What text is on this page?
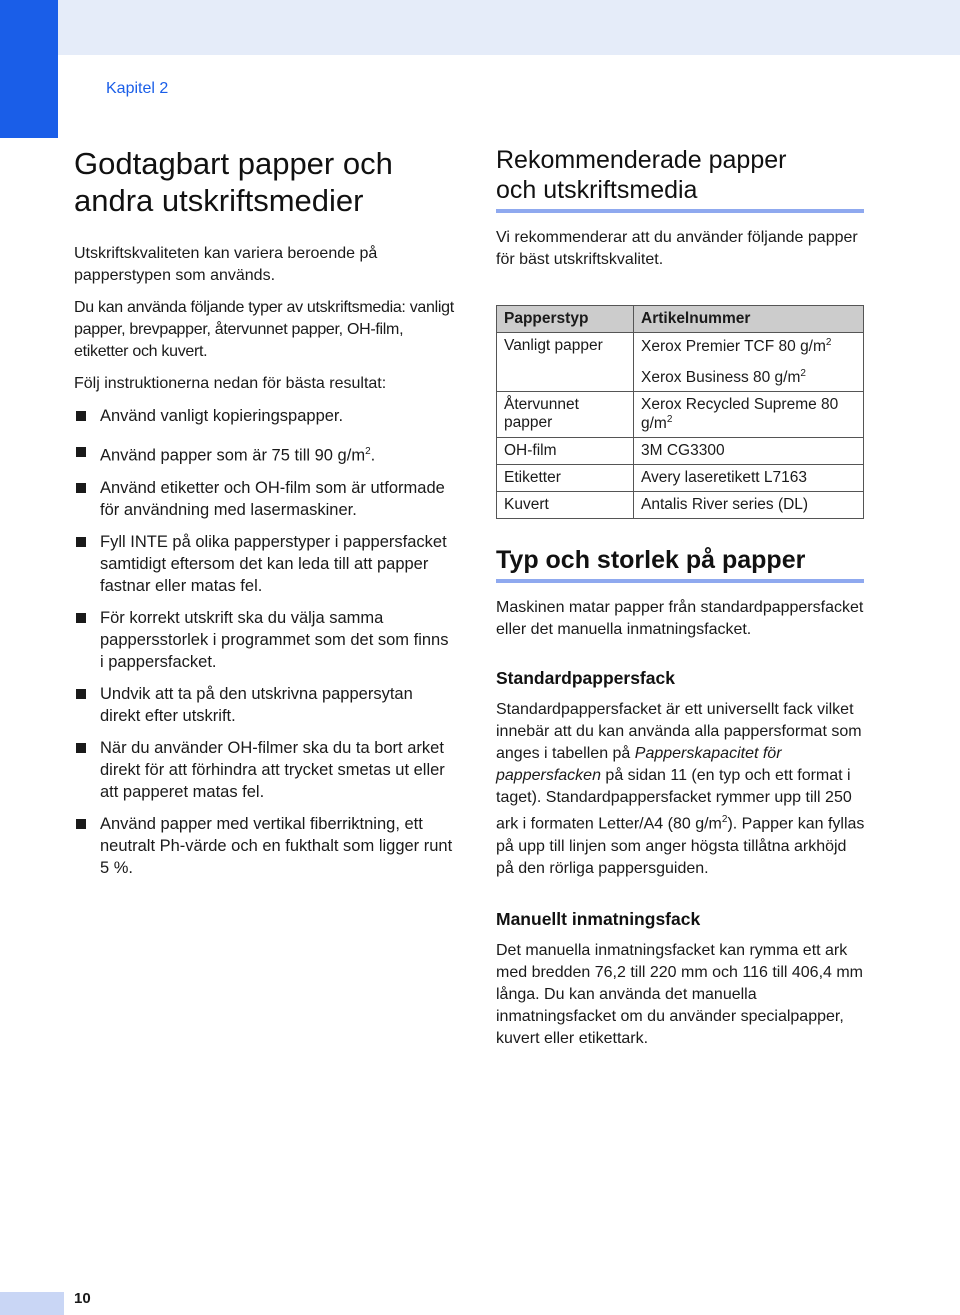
Kapitel 2
Godtagbart papper och
andra utskriftsmedier

Utskriftskvaliteten kan variera beroende på papperstypen som används.

Du kan använda följande typer av utskriftsmedia: vanligt papper, brevpapper, återvunnet papper, OH-film, etiketter och kuvert.

Följ instruktionerna nedan för bästa resultat:

Använd vanligt kopieringspapper.
Använd papper som är 75 till 90 $g/m^2$.
Använd etiketter och OH-film som är utformade för användning med lasermaskiner.
Fyll INTE på olika papperstyper i pappersfacket samtidigt eftersom det kan leda till att papper fastnar eller matas fel.
För korrekt utskrift ska du välja samma pappersstorlek i programmet som det som finns i pappersfacket.
Undvik att ta på den utskrivna pappersytan direkt efter utskrift.
När du använder OH-filmer ska du ta bort arket direkt för att förhindra att trycket smetas ut eller att papperet matas fel.
Använd papper med vertikal fiberriktning, ett neutralt Ph-värde och en fukthalt som ligger runt 5 %.
Rekommenderade papper
och utskriftsmedia

Vi rekommenderar att du använder följande papper för bäst utskriftskvalitet.

Papperstyp	Artikelnummer
Vanligt papper	Xerox Premier TCF 80 $g/m^2$
	Xerox Business 80 $g/m^2$

Återvunnet papper	Xerox Recycled Supreme 80 $g/m^2$

OH-film	3M CG3300
Etiketter	Avery laseretikett L7163
Kuvert	Antalis River series (DL)
Typ och storlek på papper

Maskinen matar papper från standardpappersfacket eller det manuella inmatningsfacket.

Standardpappersfack

Standardpappersfacket är ett universellt fack vilket innebär att du kan använda alla pappersformat som anges i tabellen på Papperskapacitet för pappersfacken på sidan 11 (en typ och ett format i taget). Standardpappersfacket rymmer upp till 250 ark i formaten Letter/A4 (80 $g/m^2$). Papper kan fyllas på upp till linjen som anger högsta tillåtna arkhöjd på den rörliga pappersguiden.

Manuellt inmatningsfack

Det manuella inmatningsfacket kan rymma ett ark med bredden 76,2 till 220 mm och 116 till 406,4 mm långa. Du kan använda det manuella inmatningsfacket om du använder specialpapper, kuvert eller etikettark.

10
